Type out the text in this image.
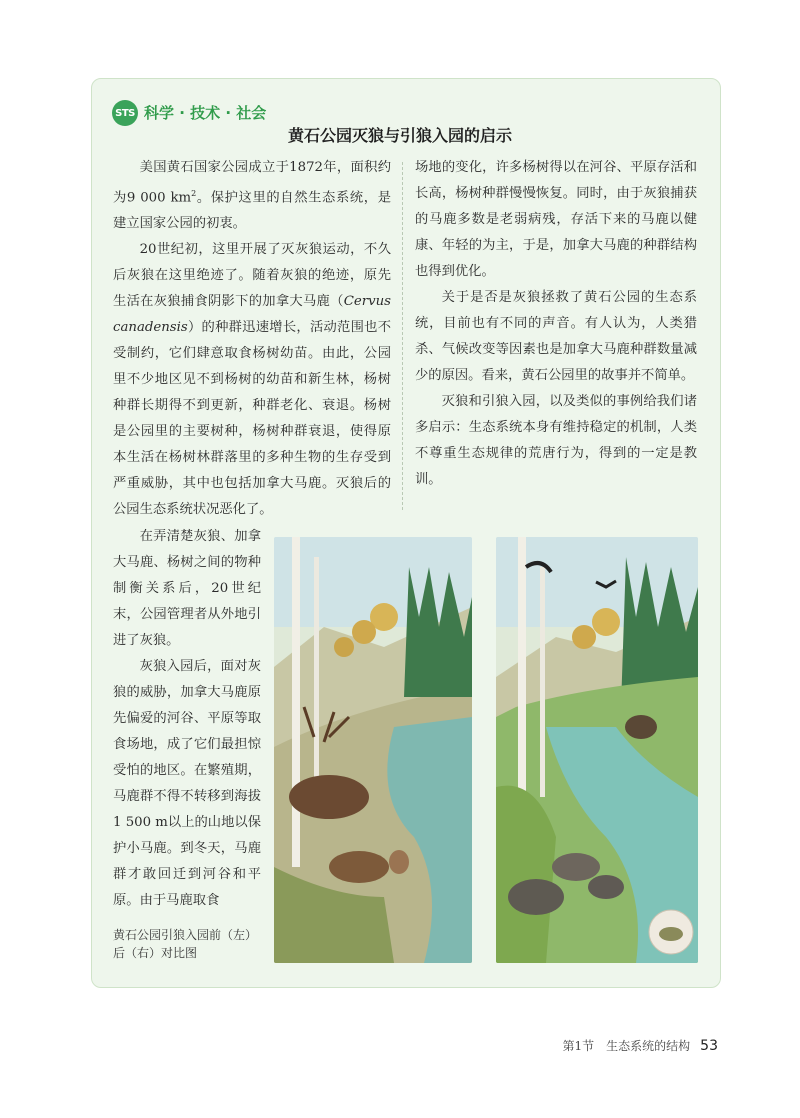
STS 科学 · 技术 · 社会
黄石公园灭狼与引狼入园的启示

美国黄石国家公园成立于1872年，面积约为9 000 $km^2$。保护这里的自然生态系统，是建立国家公园的初衷。

20世纪初，这里开展了灭灰狼运动，不久后灰狼在这里绝迹了。随着灰狼的绝迹，原先生活在灰狼捕食阴影下的加拿大马鹿（Cervus canadensis）的种群迅速增长，活动范围也不受制约，它们肆意取食杨树幼苗。由此，公园里不少地区见不到杨树的幼苗和新生林，杨树种群长期得不到更新，种群老化、衰退。杨树是公园里的主要树种，杨树种群衰退，使得原本生活在杨树林群落里的多种生物的生存受到严重威胁，其中也包括加拿大马鹿。灭狼后的公园生态系统状况恶化了。

场地的变化，许多杨树得以在河谷、平原存活和长高，杨树种群慢慢恢复。同时，由于灰狼捕获的马鹿多数是老弱病残，存活下来的马鹿以健康、年轻的为主，于是，加拿大马鹿的种群结构也得到优化。

关于是否是灰狼拯救了黄石公园的生态系统，目前也有不同的声音。有人认为，人类猎杀、气候改变等因素也是加拿大马鹿种群数量减少的原因。看来，黄石公园里的故事并不简单。

灭狼和引狼入园，以及类似的事例给我们诸多启示：生态系统本身有维持稳定的机制，人类不尊重生态规律的荒唐行为，得到的一定是教训。

在弄清楚灰狼、加拿大马鹿、杨树之间的物种制衡关系后，20世纪末，公园管理者从外地引进了灰狼。

灰狼入园后，面对灰狼的威胁，加拿大马鹿原先偏爱的河谷、平原等取食场地，成了它们最担惊受怕的地区。在繁殖期，马鹿群不得不转移到海拔1 500 m以上的山地以保护小马鹿。到冬天，马鹿群才敢回迁到河谷和平原。由于马鹿取食

黄石公园引狼入园前（左）后（右）对比图
第1节　生态系统的结构 53
